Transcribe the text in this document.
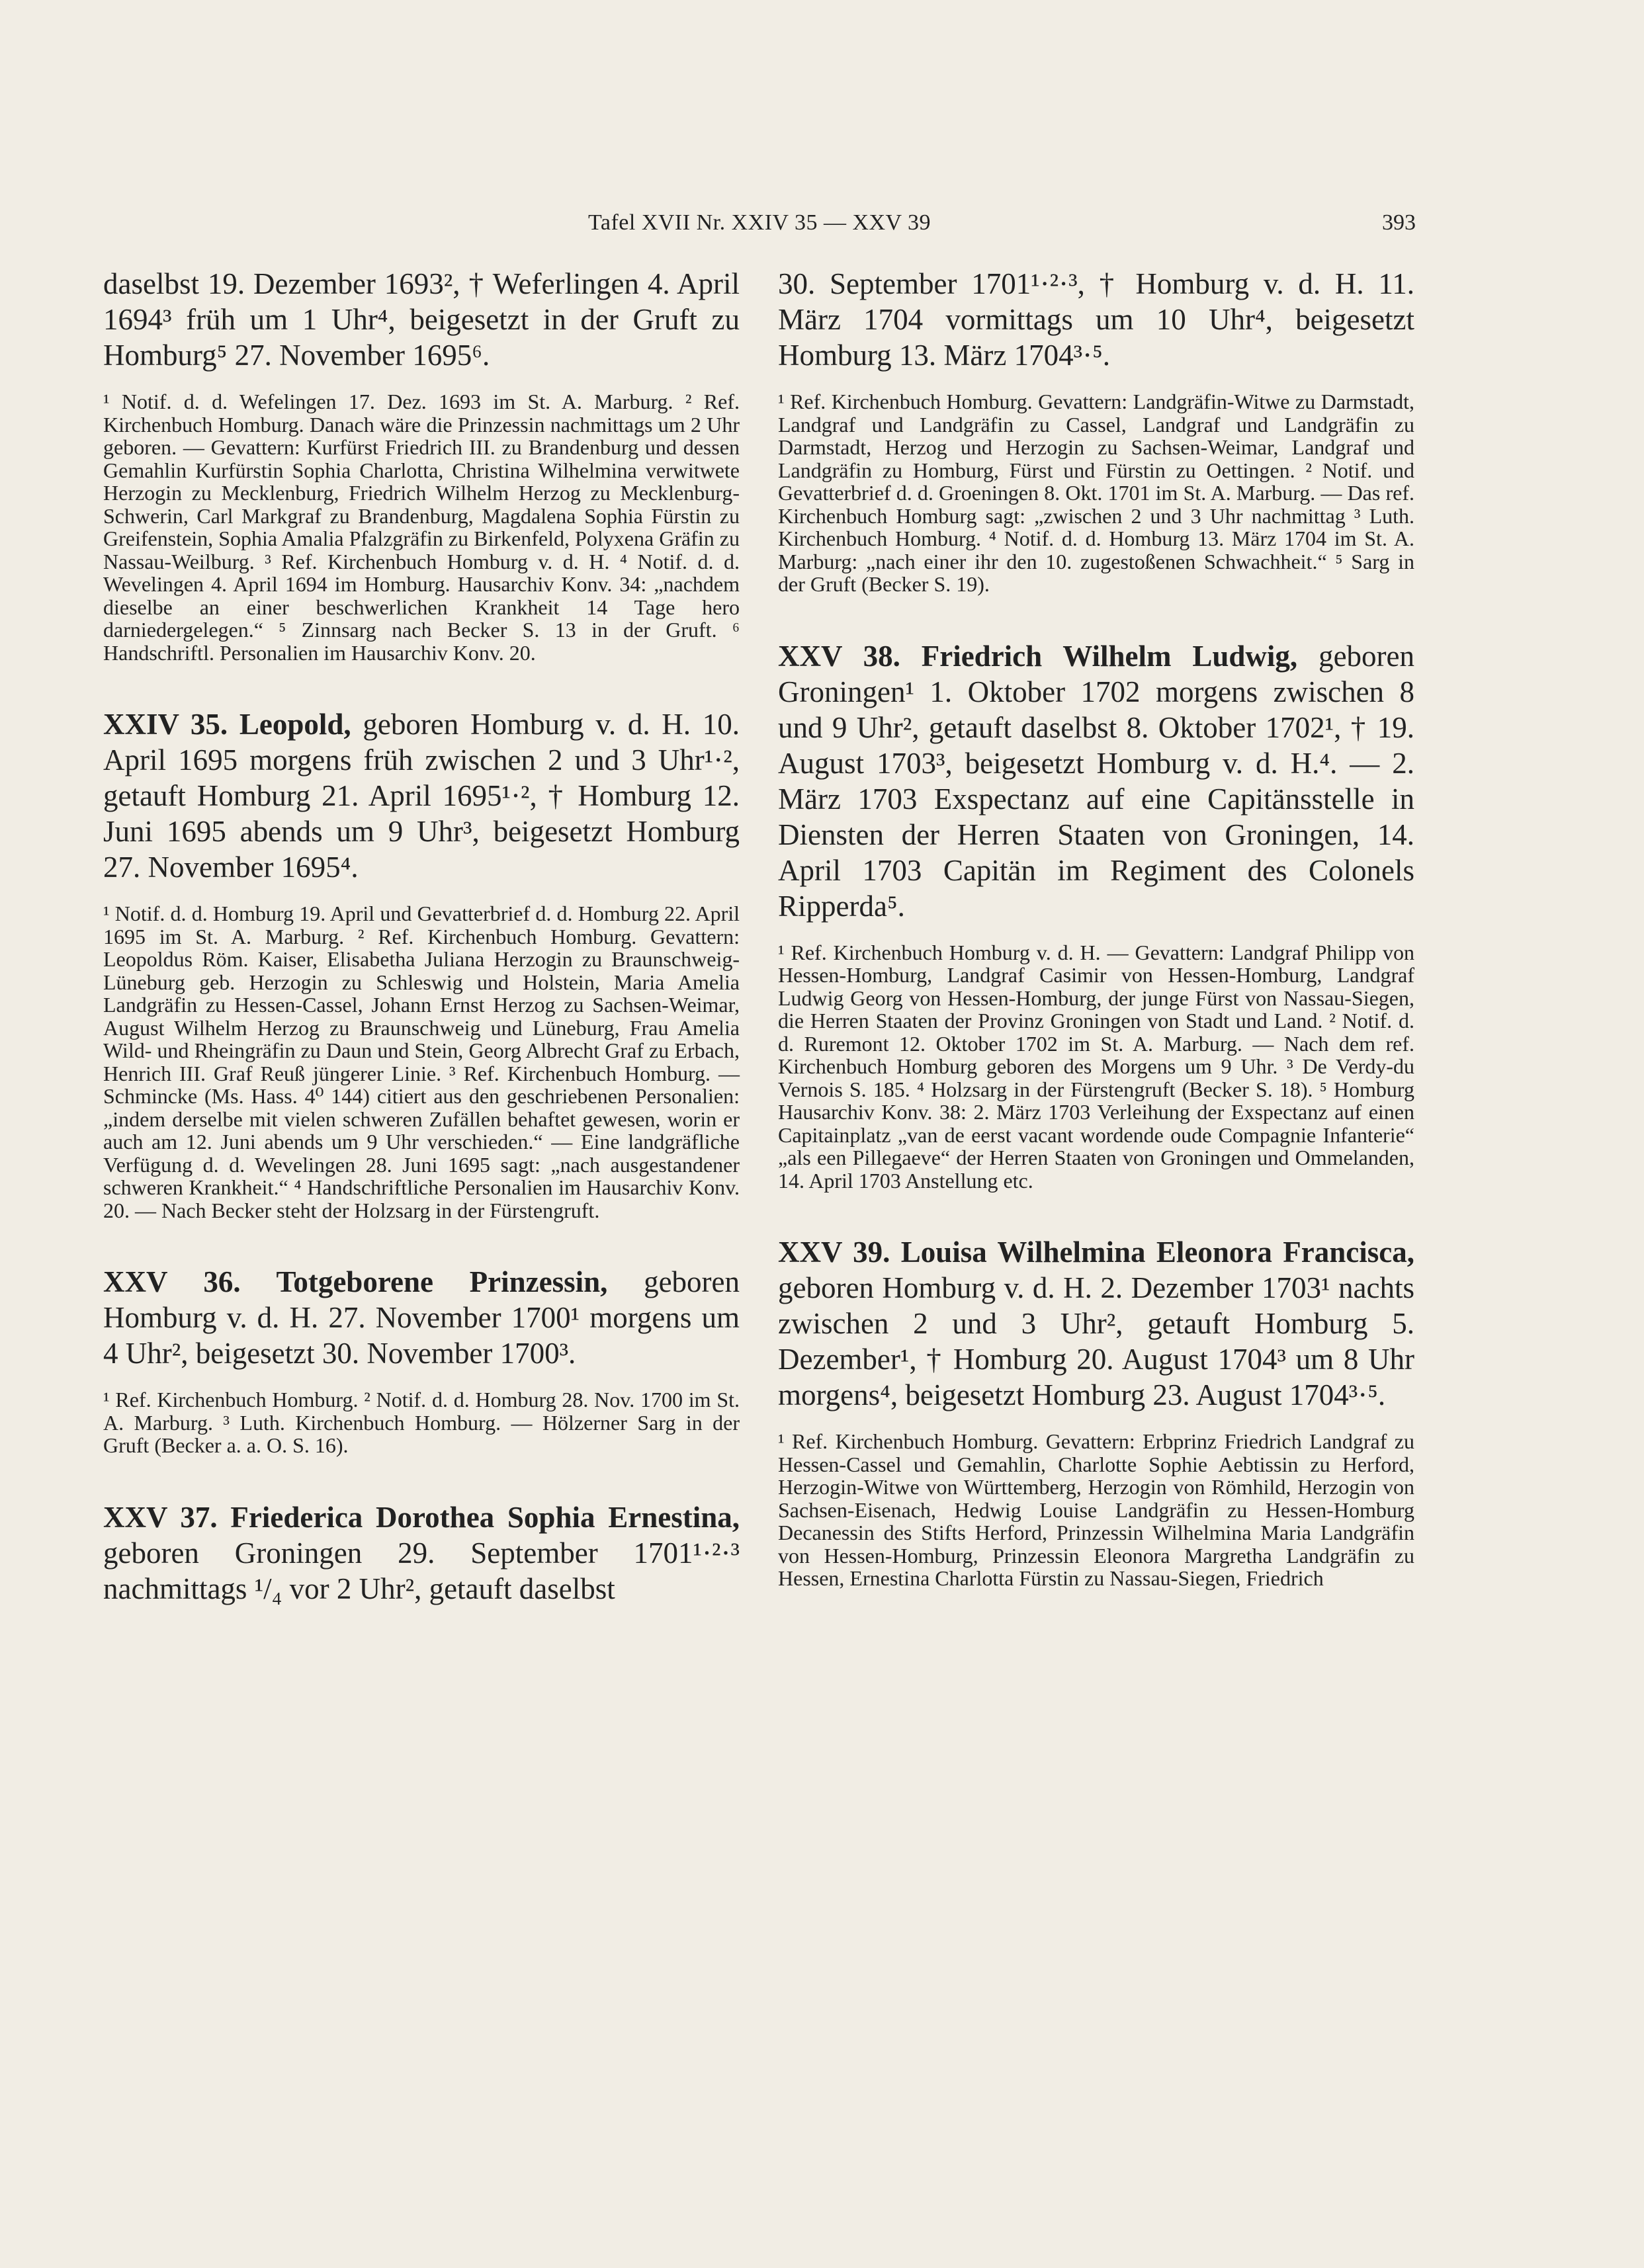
Tafel XVII Nr. XXIV 35 — XXV 39	393

daselbst 19. Dezember 1693², † Weferlingen 4. April 1694³ früh um 1 Uhr⁴, beigesetzt in der Gruft zu Homburg⁵ 27. November 1695⁶.

¹ Notif. d. d. Wefelingen 17. Dez. 1693 im St. A. Marburg. ² Ref. Kirchenbuch Homburg. Danach wäre die Prinzessin nachmittags um 2 Uhr geboren. — Gevattern: Kurfürst Friedrich III. zu Brandenburg und dessen Gemahlin Kurfürstin Sophia Charlotta, Christina Wilhelmina verwitwete Herzogin zu Mecklenburg, Friedrich Wilhelm Herzog zu Mecklenburg-Schwerin, Carl Markgraf zu Brandenburg, Magdalena Sophia Fürstin zu Greifenstein, Sophia Amalia Pfalzgräfin zu Birkenfeld, Polyxena Gräfin zu Nassau-Weilburg. ³ Ref. Kirchenbuch Homburg v. d. H. ⁴ Notif. d. d. Wevelingen 4. April 1694 im Homburg. Hausarchiv Konv. 34: „nachdem dieselbe an einer beschwerlichen Krankheit 14 Tage hero darniedergelegen.“ ⁵ Zinnsarg nach Becker S. 13 in der Gruft. ⁶ Handschriftl. Personalien im Hausarchiv Konv. 20.

XXIV 35. Leopold, geboren Homburg v. d. H. 10. April 1695 morgens früh zwischen 2 und 3 Uhr¹·², getauft Homburg 21. April 1695¹·², † Homburg 12. Juni 1695 abends um 9 Uhr³, beigesetzt Homburg 27. November 1695⁴.

¹ Notif. d. d. Homburg 19. April und Gevatterbrief d. d. Homburg 22. April 1695 im St. A. Marburg. ² Ref. Kirchenbuch Homburg. Gevattern: Leopoldus Röm. Kaiser, Elisabetha Juliana Herzogin zu Braunschweig-Lüneburg geb. Herzogin zu Schleswig und Holstein, Maria Amelia Landgräfin zu Hessen-Cassel, Johann Ernst Herzog zu Sachsen-Weimar, August Wilhelm Herzog zu Braunschweig und Lüneburg, Frau Amelia Wild- und Rheingräfin zu Daun und Stein, Georg Albrecht Graf zu Erbach, Henrich III. Graf Reuß jüngerer Linie. ³ Ref. Kirchenbuch Homburg. — Schmincke (Ms. Hass. 4⁰ 144) citiert aus den geschriebenen Personalien: „indem derselbe mit vielen schweren Zufällen behaftet gewesen, worin er auch am 12. Juni abends um 9 Uhr verschieden.“ — Eine landgräfliche Verfügung d. d. Wevelingen 28. Juni 1695 sagt: „nach ausgestandener schweren Krankheit.“ ⁴ Handschriftliche Personalien im Hausarchiv Konv. 20. — Nach Becker steht der Holzsarg in der Fürstengruft.

XXV 36. Totgeborene Prinzessin, geboren Homburg v. d. H. 27. November 1700¹ morgens um 4 Uhr², beigesetzt 30. November 1700³.

¹ Ref. Kirchenbuch Homburg. ² Notif. d. d. Homburg 28. Nov. 1700 im St. A. Marburg. ³ Luth. Kirchenbuch Homburg. — Hölzerner Sarg in der Gruft (Becker a. a. O. S. 16).

XXV 37. Friederica Dorothea Sophia Ernestina, geboren Groningen 29. September 1701¹·²·³ nachmittags ¹/₄ vor 2 Uhr², getauft daselbst

30. September 1701¹·²·³, † Homburg v. d. H. 11. März 1704 vormittags um 10 Uhr⁴, beigesetzt Homburg 13. März 1704³·⁵.

¹ Ref. Kirchenbuch Homburg. Gevattern: Landgräfin-Witwe zu Darmstadt, Landgraf und Landgräfin zu Cassel, Landgraf und Landgräfin zu Darmstadt, Herzog und Herzogin zu Sachsen-Weimar, Landgraf und Landgräfin zu Homburg, Fürst und Fürstin zu Oettingen. ² Notif. und Gevatterbrief d. d. Groeningen 8. Okt. 1701 im St. A. Marburg. — Das ref. Kirchenbuch Homburg sagt: „zwischen 2 und 3 Uhr nachmittag ³ Luth. Kirchenbuch Homburg. ⁴ Notif. d. d. Homburg 13. März 1704 im St. A. Marburg: „nach einer ihr den 10. zugestoßenen Schwachheit.“ ⁵ Sarg in der Gruft (Becker S. 19).

XXV 38. Friedrich Wilhelm Ludwig, geboren Groningen¹ 1. Oktober 1702 morgens zwischen 8 und 9 Uhr², getauft daselbst 8. Oktober 1702¹, † 19. August 1703³, beigesetzt Homburg v. d. H.⁴. — 2. März 1703 Exspectanz auf eine Capitänsstelle in Diensten der Herren Staaten von Groningen, 14. April 1703 Capitän im Regiment des Colonels Ripperda⁵.

¹ Ref. Kirchenbuch Homburg v. d. H. — Gevattern: Landgraf Philipp von Hessen-Homburg, Landgraf Casimir von Hessen-Homburg, Landgraf Ludwig Georg von Hessen-Homburg, der junge Fürst von Nassau-Siegen, die Herren Staaten der Provinz Groningen von Stadt und Land. ² Notif. d. d. Ruremont 12. Oktober 1702 im St. A. Marburg. — Nach dem ref. Kirchenbuch Homburg geboren des Morgens um 9 Uhr. ³ De Verdy-du Vernois S. 185. ⁴ Holzsarg in der Fürstengruft (Becker S. 18). ⁵ Homburg Hausarchiv Konv. 38: 2. März 1703 Verleihung der Exspectanz auf einen Capitainplatz „van de eerst vacant wordende oude Compagnie Infanterie“ „als een Pillegaeve“ der Herren Staaten von Groningen und Ommelanden, 14. April 1703 Anstellung etc.

XXV 39. Louisa Wilhelmina Eleonora Francisca, geboren Homburg v. d. H. 2. Dezember 1703¹ nachts zwischen 2 und 3 Uhr², getauft Homburg 5. Dezember¹, † Homburg 20. August 1704³ um 8 Uhr morgens⁴, beigesetzt Homburg 23. August 1704³·⁵.

¹ Ref. Kirchenbuch Homburg. Gevattern: Erbprinz Friedrich Landgraf zu Hessen-Cassel und Gemahlin, Charlotte Sophie Aebtissin zu Herford, Herzogin-Witwe von Württemberg, Herzogin von Römhild, Herzogin von Sachsen-Eisenach, Hedwig Louise Landgräfin zu Hessen-Homburg Decanessin des Stifts Herford, Prinzessin Wilhelmina Maria Landgräfin von Hessen-Homburg, Prinzessin Eleonora Margretha Landgräfin zu Hessen, Ernestina Charlotta Fürstin zu Nassau-Siegen, Friedrich
